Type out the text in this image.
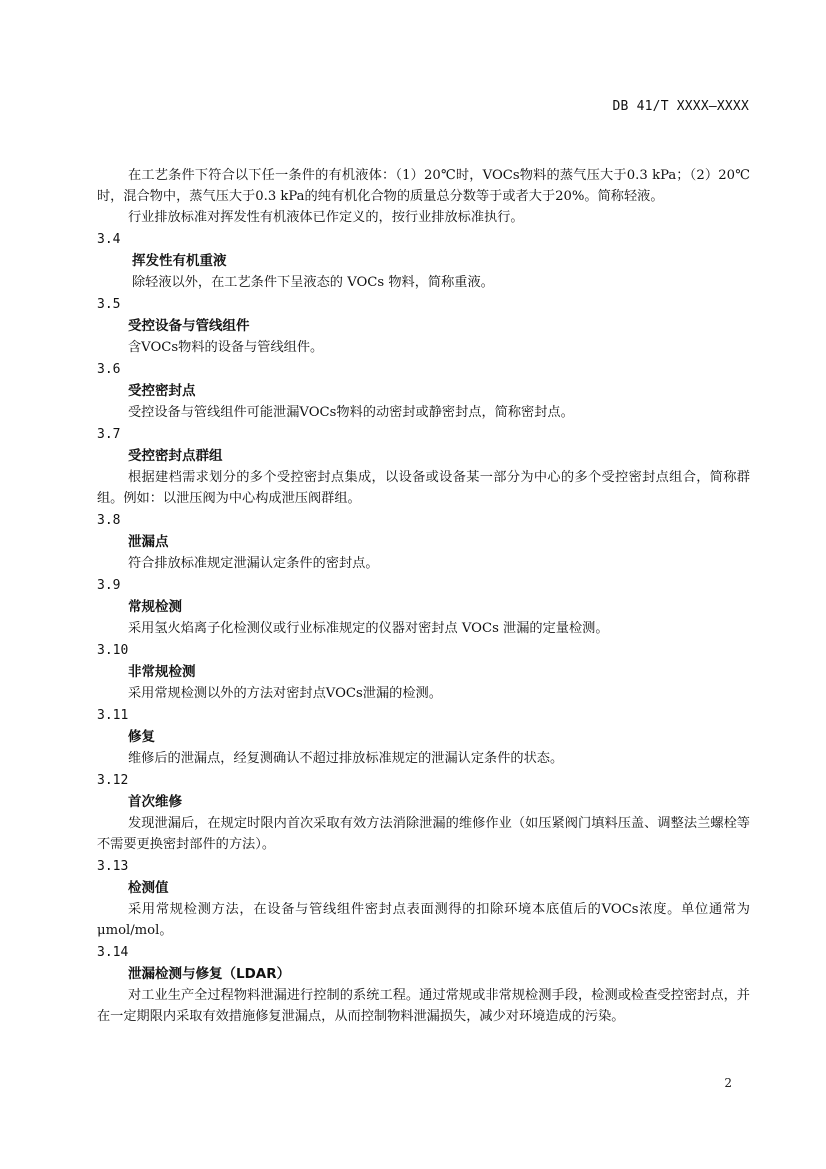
DB 41/T XXXX—XXXX

在工艺条件下符合以下任一条件的有机液体：（1）20℃时，VOCs物料的蒸气压大于0.3 kPa；（2）20℃时，混合物中，蒸气压大于0.3 kPa的纯有机化合物的质量总分数等于或者大于20%。简称轻液。

行业排放标准对挥发性有机液体已作定义的，按行业排放标准执行。

3.4
挥发性有机重液

除轻液以外，在工艺条件下呈液态的 VOCs 物料，简称重液。

3.5
受控设备与管线组件

含VOCs物料的设备与管线组件。

3.6
受控密封点

受控设备与管线组件可能泄漏VOCs物料的动密封或静密封点，简称密封点。

3.7
受控密封点群组

根据建档需求划分的多个受控密封点集成，以设备或设备某一部分为中心的多个受控密封点组合，简称群组。例如：以泄压阀为中心构成泄压阀群组。

3.8
泄漏点

符合排放标准规定泄漏认定条件的密封点。

3.9
常规检测

采用氢火焰离子化检测仪或行业标准规定的仪器对密封点 VOCs 泄漏的定量检测。

3.10
非常规检测

采用常规检测以外的方法对密封点VOCs泄漏的检测。

3.11
修复

维修后的泄漏点，经复测确认不超过排放标准规定的泄漏认定条件的状态。

3.12
首次维修

发现泄漏后，在规定时限内首次采取有效方法消除泄漏的维修作业（如压紧阀门填料压盖、调整法兰螺栓等不需要更换密封部件的方法）。

3.13
检测值

采用常规检测方法，在设备与管线组件密封点表面测得的扣除环境本底值后的VOCs浓度。单位通常为μmol/mol。

3.14
泄漏检测与修复（LDAR）

对工业生产全过程物料泄漏进行控制的系统工程。通过常规或非常规检测手段，检测或检查受控密封点，并在一定期限内采取有效措施修复泄漏点，从而控制物料泄漏损失，减少对环境造成的污染。

2
